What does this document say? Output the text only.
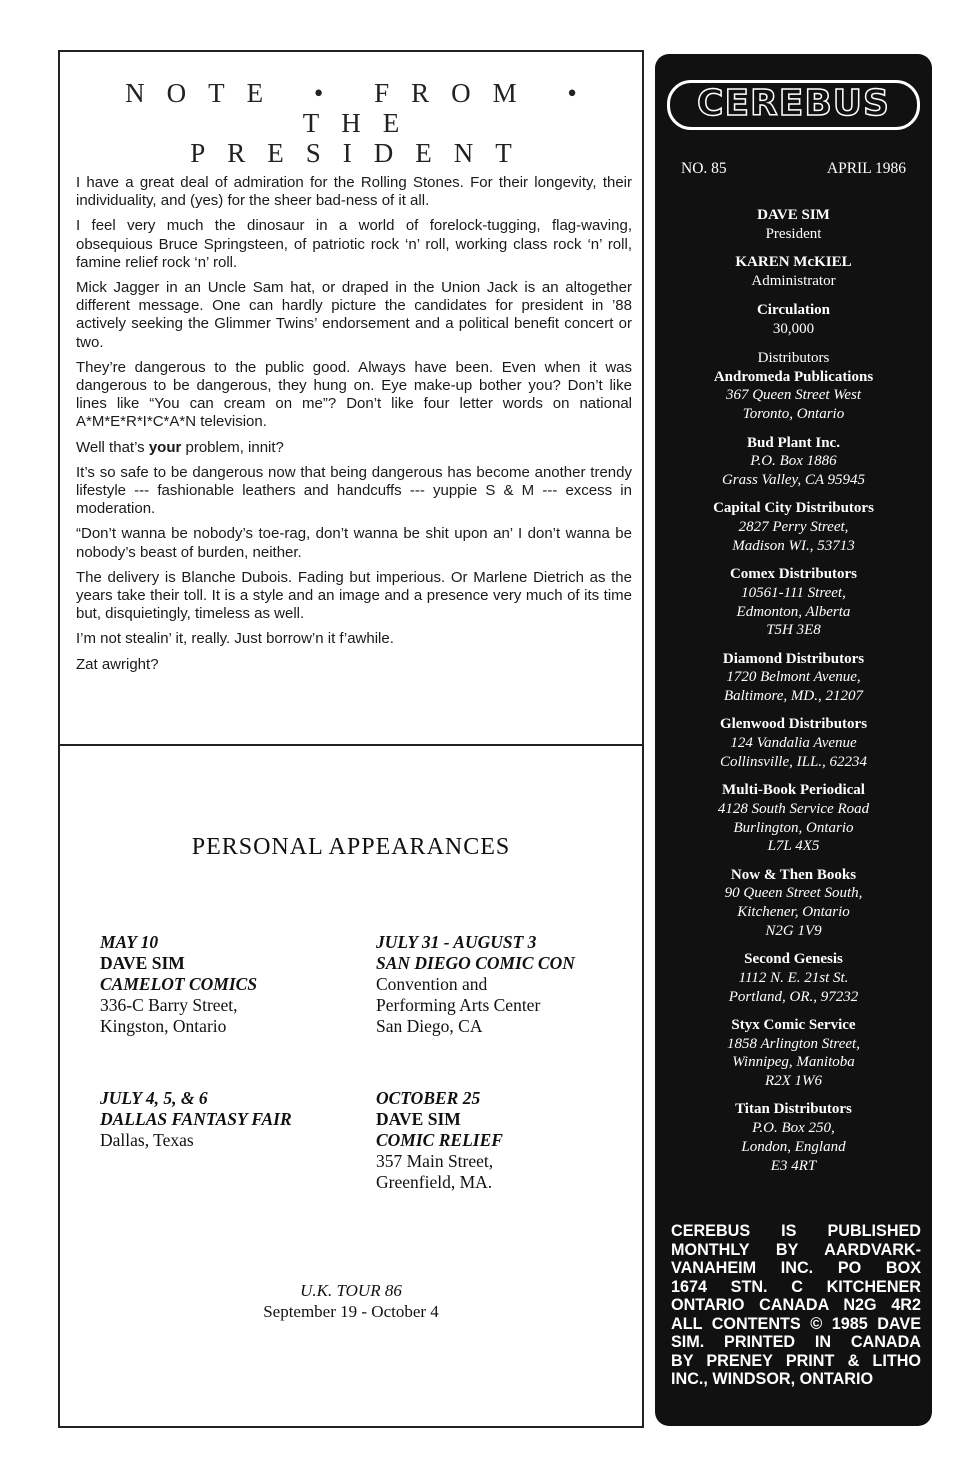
NOTE • FROM • THE
PRESIDENT

I have a great deal of admiration for the Rolling Stones. For their longevity, their individuality, and (yes) for the sheer bad-ness of it all.

I feel very much the dinosaur in a world of forelock-tugging, flag-waving, obsequious Bruce Springsteen, of patriotic rock ‘n’ roll, working class rock ‘n’ roll, famine relief rock ‘n’ roll.

Mick Jagger in an Uncle Sam hat, or draped in the Union Jack is an altogether different message. One can hardly picture the candidates for president in ’88 actively seeking the Glimmer Twins’ endorsement and a political benefit concert or two.

They’re dangerous to the public good. Always have been. Even when it was dangerous to be dangerous, they hung on. Eye make-up bother you? Don’t like lines like “You can cream on me”? Don’t like four letter words on national A*M*E*R*I*C*A*N television.

Well that’s your problem, innit?

It’s so safe to be dangerous now that being dangerous has become another trendy lifestyle --- fashionable leathers and handcuffs --- yuppie S & M --- excess in moderation.

“Don’t wanna be nobody’s toe-rag, don’t wanna be shit upon an’ I don’t wanna be nobody’s beast of burden, neither.

The delivery is Blanche Dubois. Fading but imperious. Or Marlene Dietrich as the years take their toll. It is a style and an image and a presence very much of its time but, disquietingly, timeless as well.

I’m not stealin’ it, really. Just borrow’n it f’awhile.

Zat awright?

PERSONAL APPEARANCES
MAY 10
DAVE SIM
CAMELOT COMICS
336-C Barry Street,
Kingston, Ontario
JULY 31 - AUGUST 3
SAN DIEGO COMIC CON
Convention and
Performing Arts Center
San Diego, CA
JULY 4, 5, & 6
DALLAS FANTASY FAIR
Dallas, Texas
OCTOBER 25
DAVE SIM
COMIC RELIEF
357 Main Street,
Greenfield, MA.
U.K. TOUR 86
September 19 - October 4
CEREBUS
NO. 85	APRIL 1986
DAVE SIM
President
KAREN McKIEL
Administrator
Circulation
30,000
Distributors
Andromeda Publications
367 Queen Street West
Toronto, Ontario
Bud Plant Inc.
P.O. Box 1886
Grass Valley, CA 95945
Capital City Distributors
2827 Perry Street,
Madison WI., 53713
Comex Distributors
10561-111 Street,
Edmonton, Alberta
T5H 3E8
Diamond Distributors
1720 Belmont Avenue,
Baltimore, MD., 21207
Glenwood Distributors
124 Vandalia Avenue
Collinsville, ILL., 62234
Multi-Book Periodical
4128 South Service Road
Burlington, Ontario
L7L 4X5
Now & Then Books
90 Queen Street South,
Kitchener, Ontario
N2G 1V9
Second Genesis
1112 N. E. 21st St.
Portland, OR., 97232
Styx Comic Service
1858 Arlington Street,
Winnipeg, Manitoba
R2X 1W6
Titan Distributors
P.O. Box 250,
London, England
E3 4RT
CEREBUS IS PUBLISHED
MONTHLY BY AARDVARK-
VANAHEIM INC. PO BOX
1674 STN. C KITCHENER
ONTARIO CANADA N2G 4R2
ALL CONTENTS © 1985 DAVE
SIM. PRINTED IN CANADA
BY PRENEY PRINT & LITHO
INC., WINDSOR, ONTARIO
